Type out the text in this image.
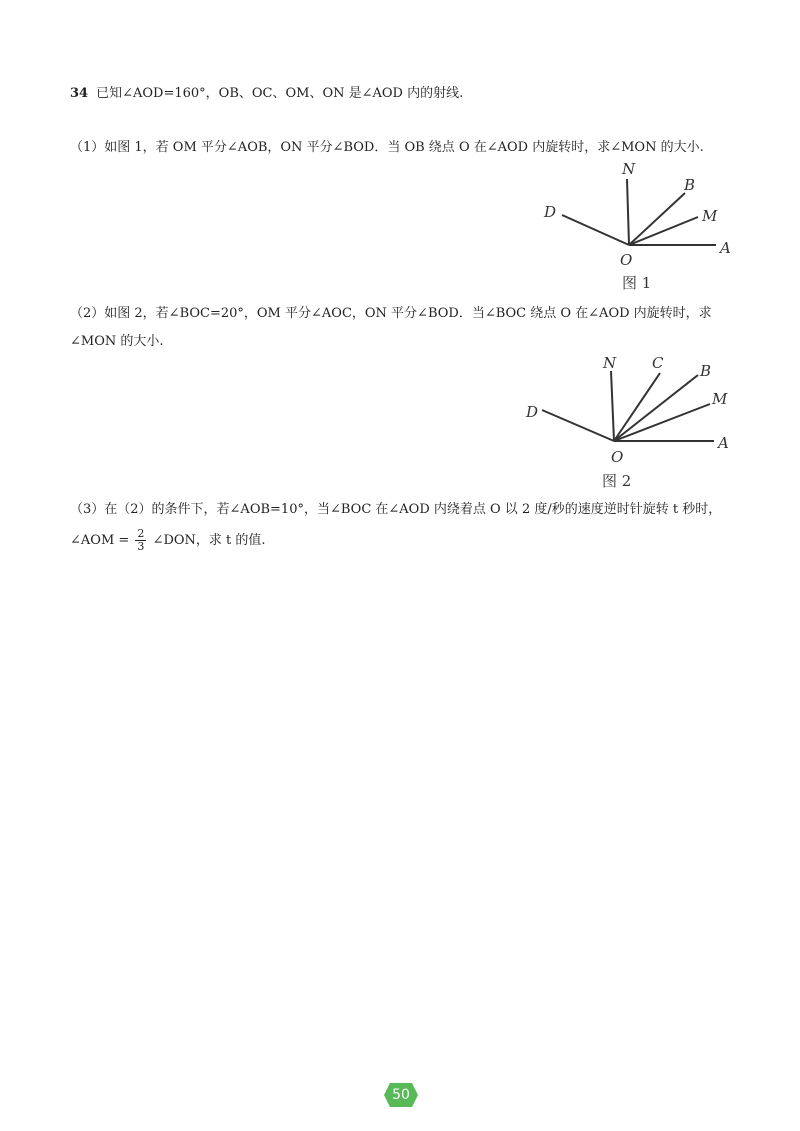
34 已知∠AOD=160°，OB、OC、OM、ON 是∠AOD 内的射线.
（1）如图 1，若 OM 平分∠AOB，ON 平分∠BOD．当 OB 绕点 O 在∠AOD 内旋转时，求∠MON 的大小.
N
B
M
D
O
A
图 1
（2）如图 2，若∠BOC=20°，OM 平分∠AOC，ON 平分∠BOD．当∠BOC 绕点 O 在∠AOD 内旋转时，求
∠MON 的大小.
N C B
M
D
O
A
图 2
（3）在（2）的条件下，若∠AOB=10°，当∠BOC 在∠AOD 内绕着点 O 以 2 度/秒的速度逆时针旋转 t 秒时，
∠AOM = $\frac{2}{3}$ ∠DON，求 t 的值.
50
